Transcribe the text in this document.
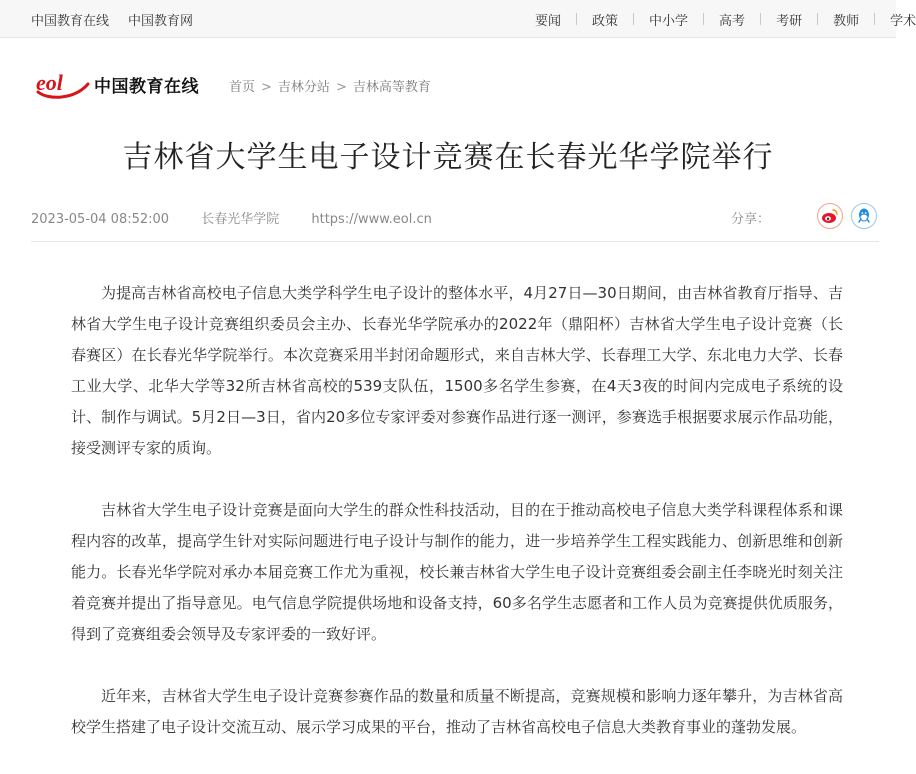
中国教育在线 中国教育网	要闻 政策 中小学 高考 考研 教师 学术
eol 中国教育在线 首页 > 吉林分站 > 吉林高等教育
吉林省大学生电子设计竞赛在长春光华学院举行
2023-05-04 08:52:00 长春光华学院 https://www.eol.cn	分享：

为提高吉林省高校电子信息大类学科学生电子设计的整体水平，4月27日—30日期间，由吉林省教育厅指导、吉林省大学生电子设计竞赛组织委员会主办、长春光华学院承办的2022年（鼎阳杯）吉林省大学生电子设计竞赛（长春赛区）在长春光华学院举行。本次竞赛采用半封闭命题形式，来自吉林大学、长春理工大学、东北电力大学、长春工业大学、北华大学等32所吉林省高校的539支队伍，1500多名学生参赛，在4天3夜的时间内完成电子系统的设计、制作与调试。5月2日—3日，省内20多位专家评委对参赛作品进行逐一测评，参赛选手根据要求展示作品功能，接受测评专家的质询。

吉林省大学生电子设计竞赛是面向大学生的群众性科技活动，目的在于推动高校电子信息大类学科课程体系和课程内容的改革，提高学生针对实际问题进行电子设计与制作的能力，进一步培养学生工程实践能力、创新思维和创新能力。长春光华学院对承办本届竞赛工作尤为重视，校长兼吉林省大学生电子设计竞赛组委会副主任李晓光时刻关注着竞赛并提出了指导意见。电气信息学院提供场地和设备支持，60多名学生志愿者和工作人员为竞赛提供优质服务，得到了竞赛组委会领导及专家评委的一致好评。

近年来，吉林省大学生电子设计竞赛参赛作品的数量和质量不断提高，竞赛规模和影响力逐年攀升，为吉林省高校学生搭建了电子设计交流互动、展示学习成果的平台，推动了吉林省高校电子信息大类教育事业的蓬勃发展。
